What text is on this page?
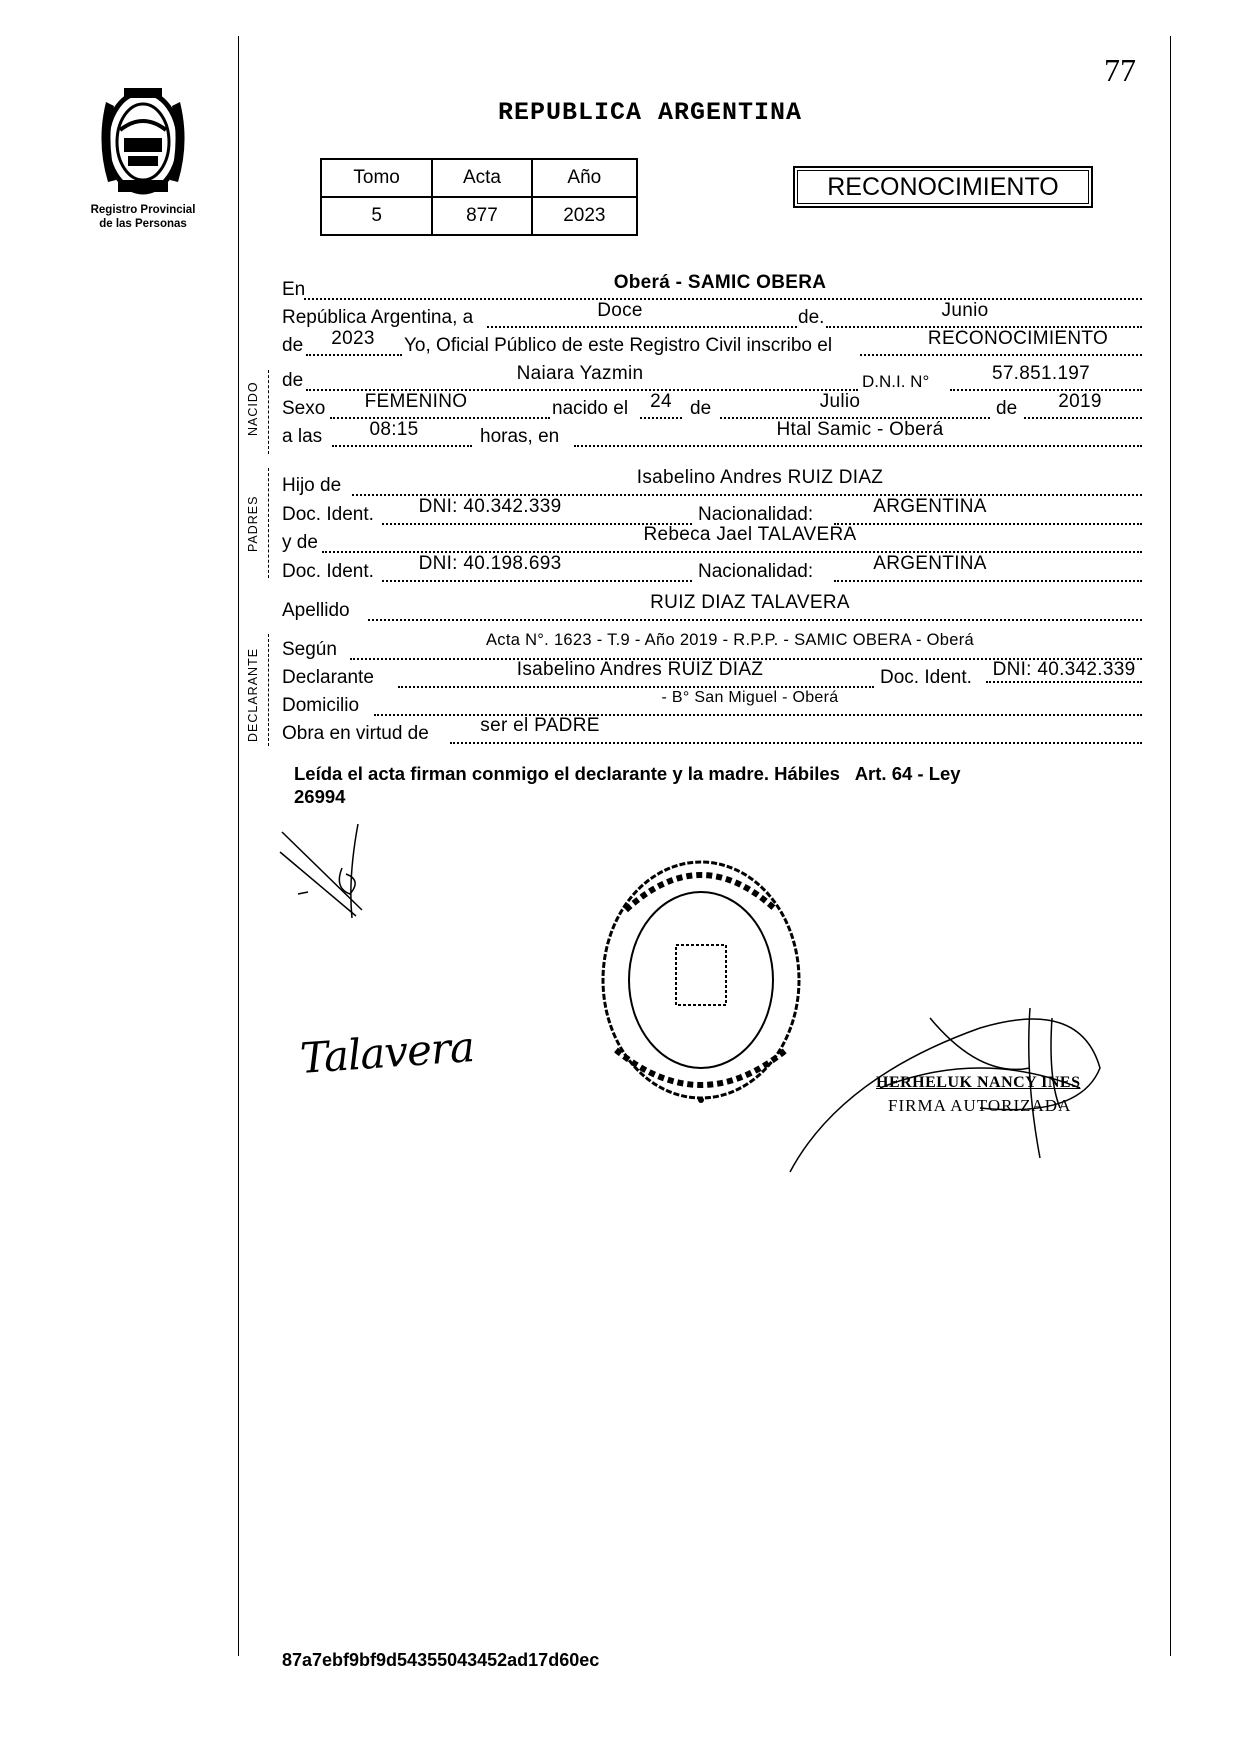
77
Registro Provincial
de las Personas
REPUBLICA ARGENTINA
Tomo	Acta	Año
5	877	2023
RECONOCIMIENTO
En	Oberá - SAMIC OBERA
República Argentina, a	Doce	de.	Junio
de	2023	Yo, Oficial Público de este Registro Civil inscribo el	RECONOCIMIENTO
NACIDO
de	Naiara Yazmin	D.N.I. N°	57.851.197
Sexo	FEMENINO	nacido el	24 de	Julio	de	2019
a las	08:15	horas, en	Htal Samic - Oberá
PADRES
Hijo de	Isabelino Andres RUIZ DIAZ
Doc. Ident.	DNI: 40.342.339	Nacionalidad:	ARGENTINA
y de	Rebeca Jael TALAVERA
Doc. Ident.	DNI: 40.198.693	Nacionalidad:	ARGENTINA
Apellido	RUIZ DIAZ TALAVERA
DECLARANTE Según	Acta N°. 1623 - T.9 - Año 2019 - R.P.P. - SAMIC OBERA - Oberá
Declarante	Isabelino Andres RUIZ DIAZ	Doc. Ident.	DNI: 40.342.339
Domicilio	- B° San Miguel - Oberá
Obra en virtud de	ser el PADRE
Leída el acta firman conmigo el declarante y la madre. Hábiles   Art. 64 - Ley
26994
Talavera	HERHELUK NANCY INES
FIRMA AUTORIZADA
87a7ebf9bf9d54355043452ad17d60ec
